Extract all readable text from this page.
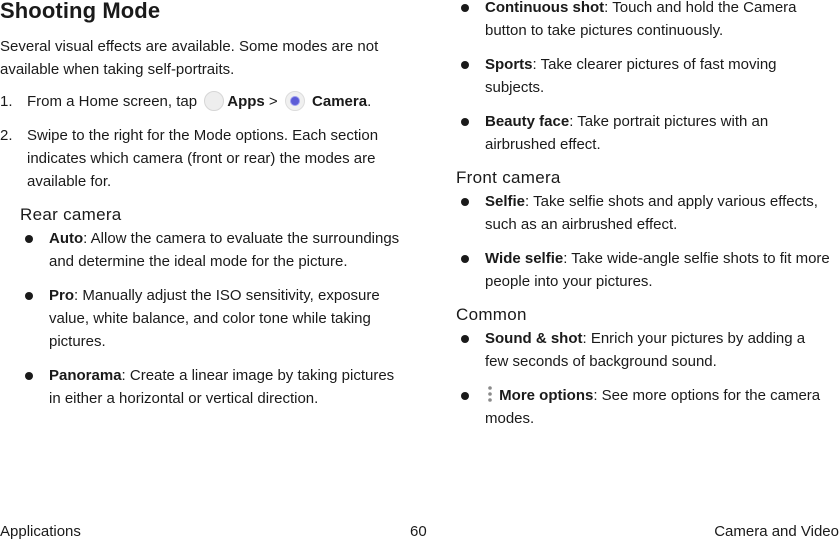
Shooting Mode

Several visual effects are available. Some modes are not available when taking self-portraits.

1. From a Home screen, tap Apps > Camera.
2. Swipe to the right for the Mode options. Each section indicates which camera (front or rear) the modes are available for.
Rear camera
Auto: Allow the camera to evaluate the surroundings and determine the ideal mode for the picture.
Pro: Manually adjust the ISO sensitivity, exposure value, white balance, and color tone while taking pictures.
Panorama: Create a linear image by taking pictures in either a horizontal or vertical direction.
Continuous shot: Touch and hold the Camera button to take pictures continuously.
Sports: Take clearer pictures of fast moving subjects.
Beauty face: Take portrait pictures with an airbrushed effect.
Front camera
Selfie: Take selfie shots and apply various effects, such as an airbrushed effect.
Wide selfie: Take wide-angle selfie shots to fit more people into your pictures.
Common
Sound & shot: Enrich your pictures by adding a few seconds of background sound.
More options: See more options for the camera modes.
Applications	60	Camera and Video
